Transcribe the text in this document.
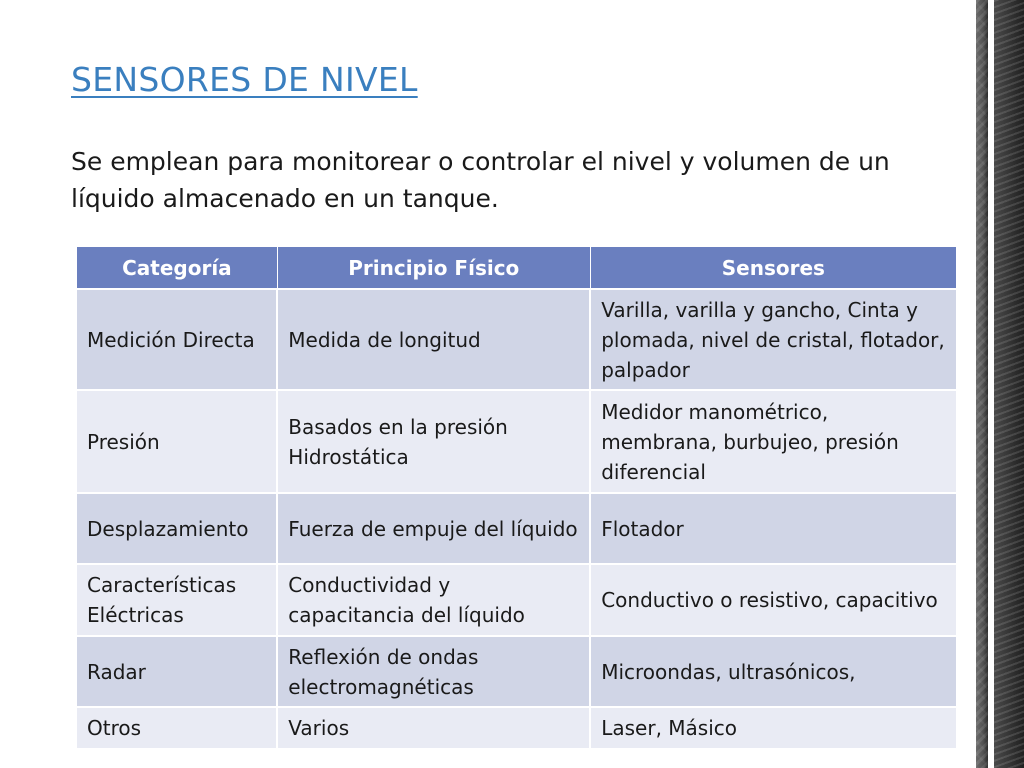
SENSORES DE NIVEL
Se emplean para monitorear o controlar el nivel y volumen de un líquido almacenado en un tanque.
Categoría	Principio Físico	Sensores
Medición Directa	Medida de longitud	Varilla, varilla y gancho, Cinta y plomada, nivel de cristal, flotador, palpador
Presión	Basados en la presión Hidrostática	Medidor manométrico, membrana, burbujeo, presión diferencial
Desplazamiento	Fuerza de empuje del líquido	Flotador
Características Eléctricas	Conductividad y capacitancia del líquido	Conductivo o resistivo, capacitivo
Radar	Reflexión de ondas electromagnéticas	Microondas, ultrasónicos,
Otros	Varios	Laser, Másico
